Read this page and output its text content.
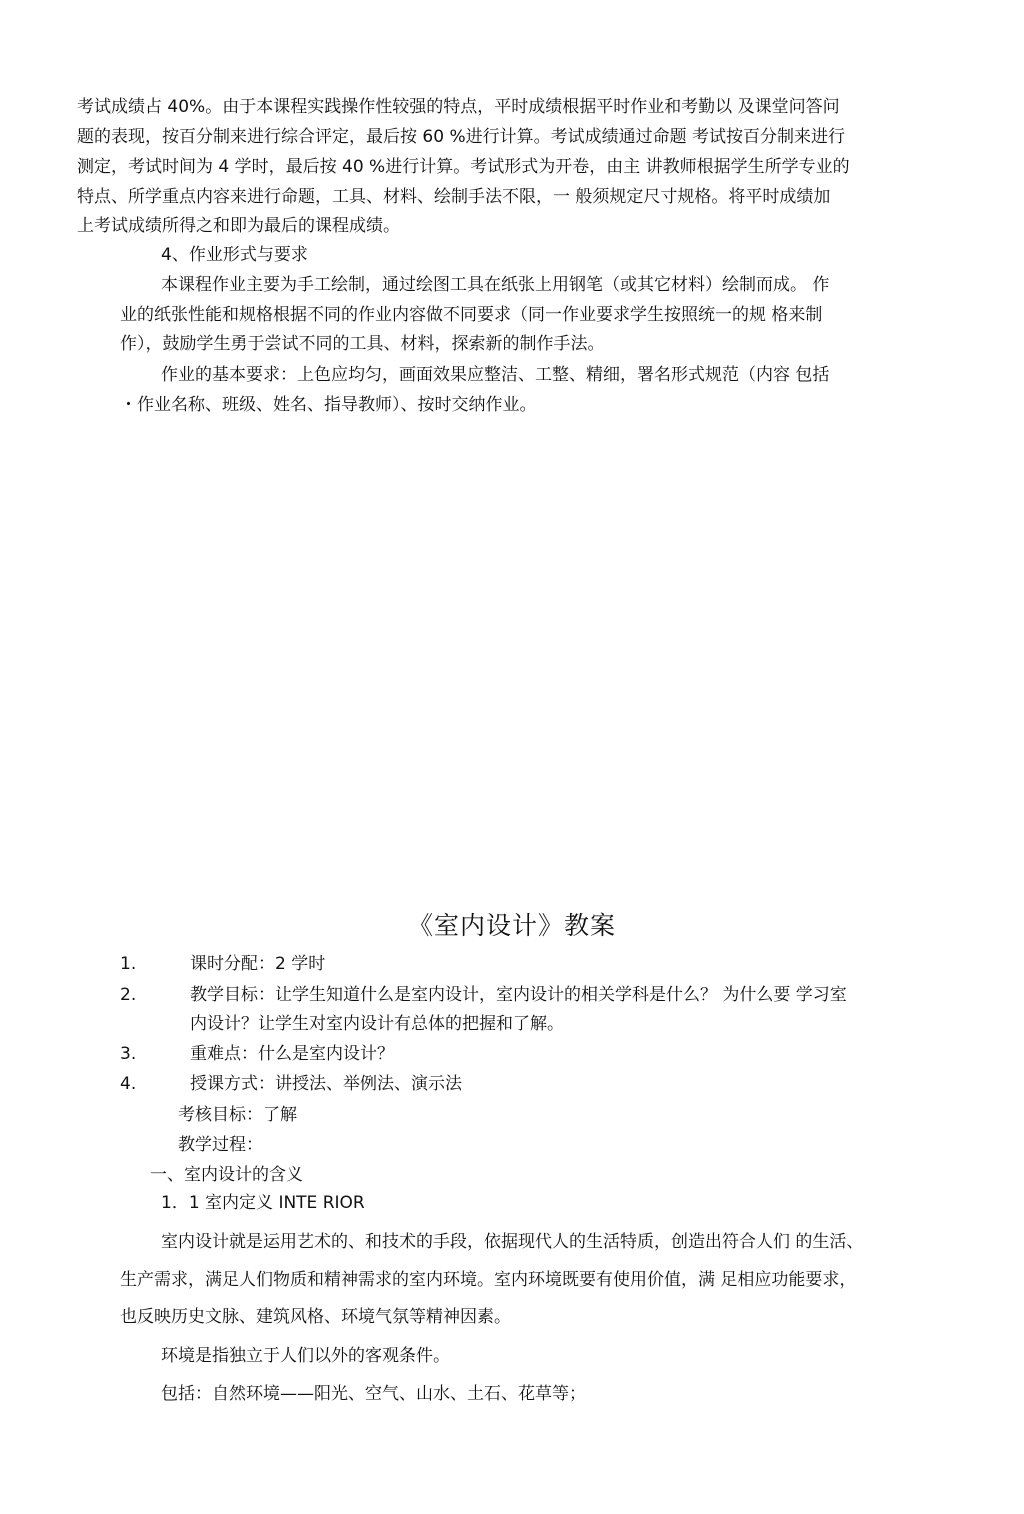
考试成绩占 40%。由于本课程实践操作性较强的特点，平时成绩根据平时作业和考勤以 及课堂问答问
题的表现，按百分制来进行综合评定，最后按 60 %进行计算。考试成绩通过命题 考试按百分制来进行
测定，考试时间为 4 学时，最后按 40 %进行计算。考试形式为开卷，由主 讲教师根据学生所学专业的
特点、所学重点内容来进行命题，工具、材料、绘制手法不限，一 般须规定尺寸规格。将平时成绩加
上考试成绩所得之和即为最后的课程成绩。
4、作业形式与要求
本课程作业主要为手工绘制，通过绘图工具在纸张上用钢笔（或其它材料）绘制而成。 作
业的纸张性能和规格根据不同的作业内容做不同要求（同一作业要求学生按照统一的规 格来制
作），鼓励学生勇于尝试不同的工具、材料，探索新的制作手法。
作业的基本要求：上色应均匀，画面效果应整洁、工整、精细，署名形式规范（内容 包括
・作业名称、班级、姓名、指导教师）、按时交纳作业。
《室内设计》教案
1.	课时分配：2 学时
2.	教学目标：让学生知道什么是室内设计，室内设计的相关学科是什么？ 为什么要 学习室
内设计？让学生对室内设计有总体的把握和了解。
3.	重难点：什么是室内设计？
4.	授课方式：讲授法、举例法、演示法
考核目标：了解
教学过程：
一、室内设计的含义
1．1 室内定义 INTE RIOR
室内设计就是运用艺术的、和技术的手段，依据现代人的生活特质，创造出符合人们 的生活、
生产需求，满足人们物质和精神需求的室内环境。室内环境既要有使用价值，满 足相应功能要求，
也反映历史文脉、建筑风格、环境气氛等精神因素。
环境是指独立于人们以外的客观条件。
包括：自然环境——阳光、空气、山水、土石、花草等；
